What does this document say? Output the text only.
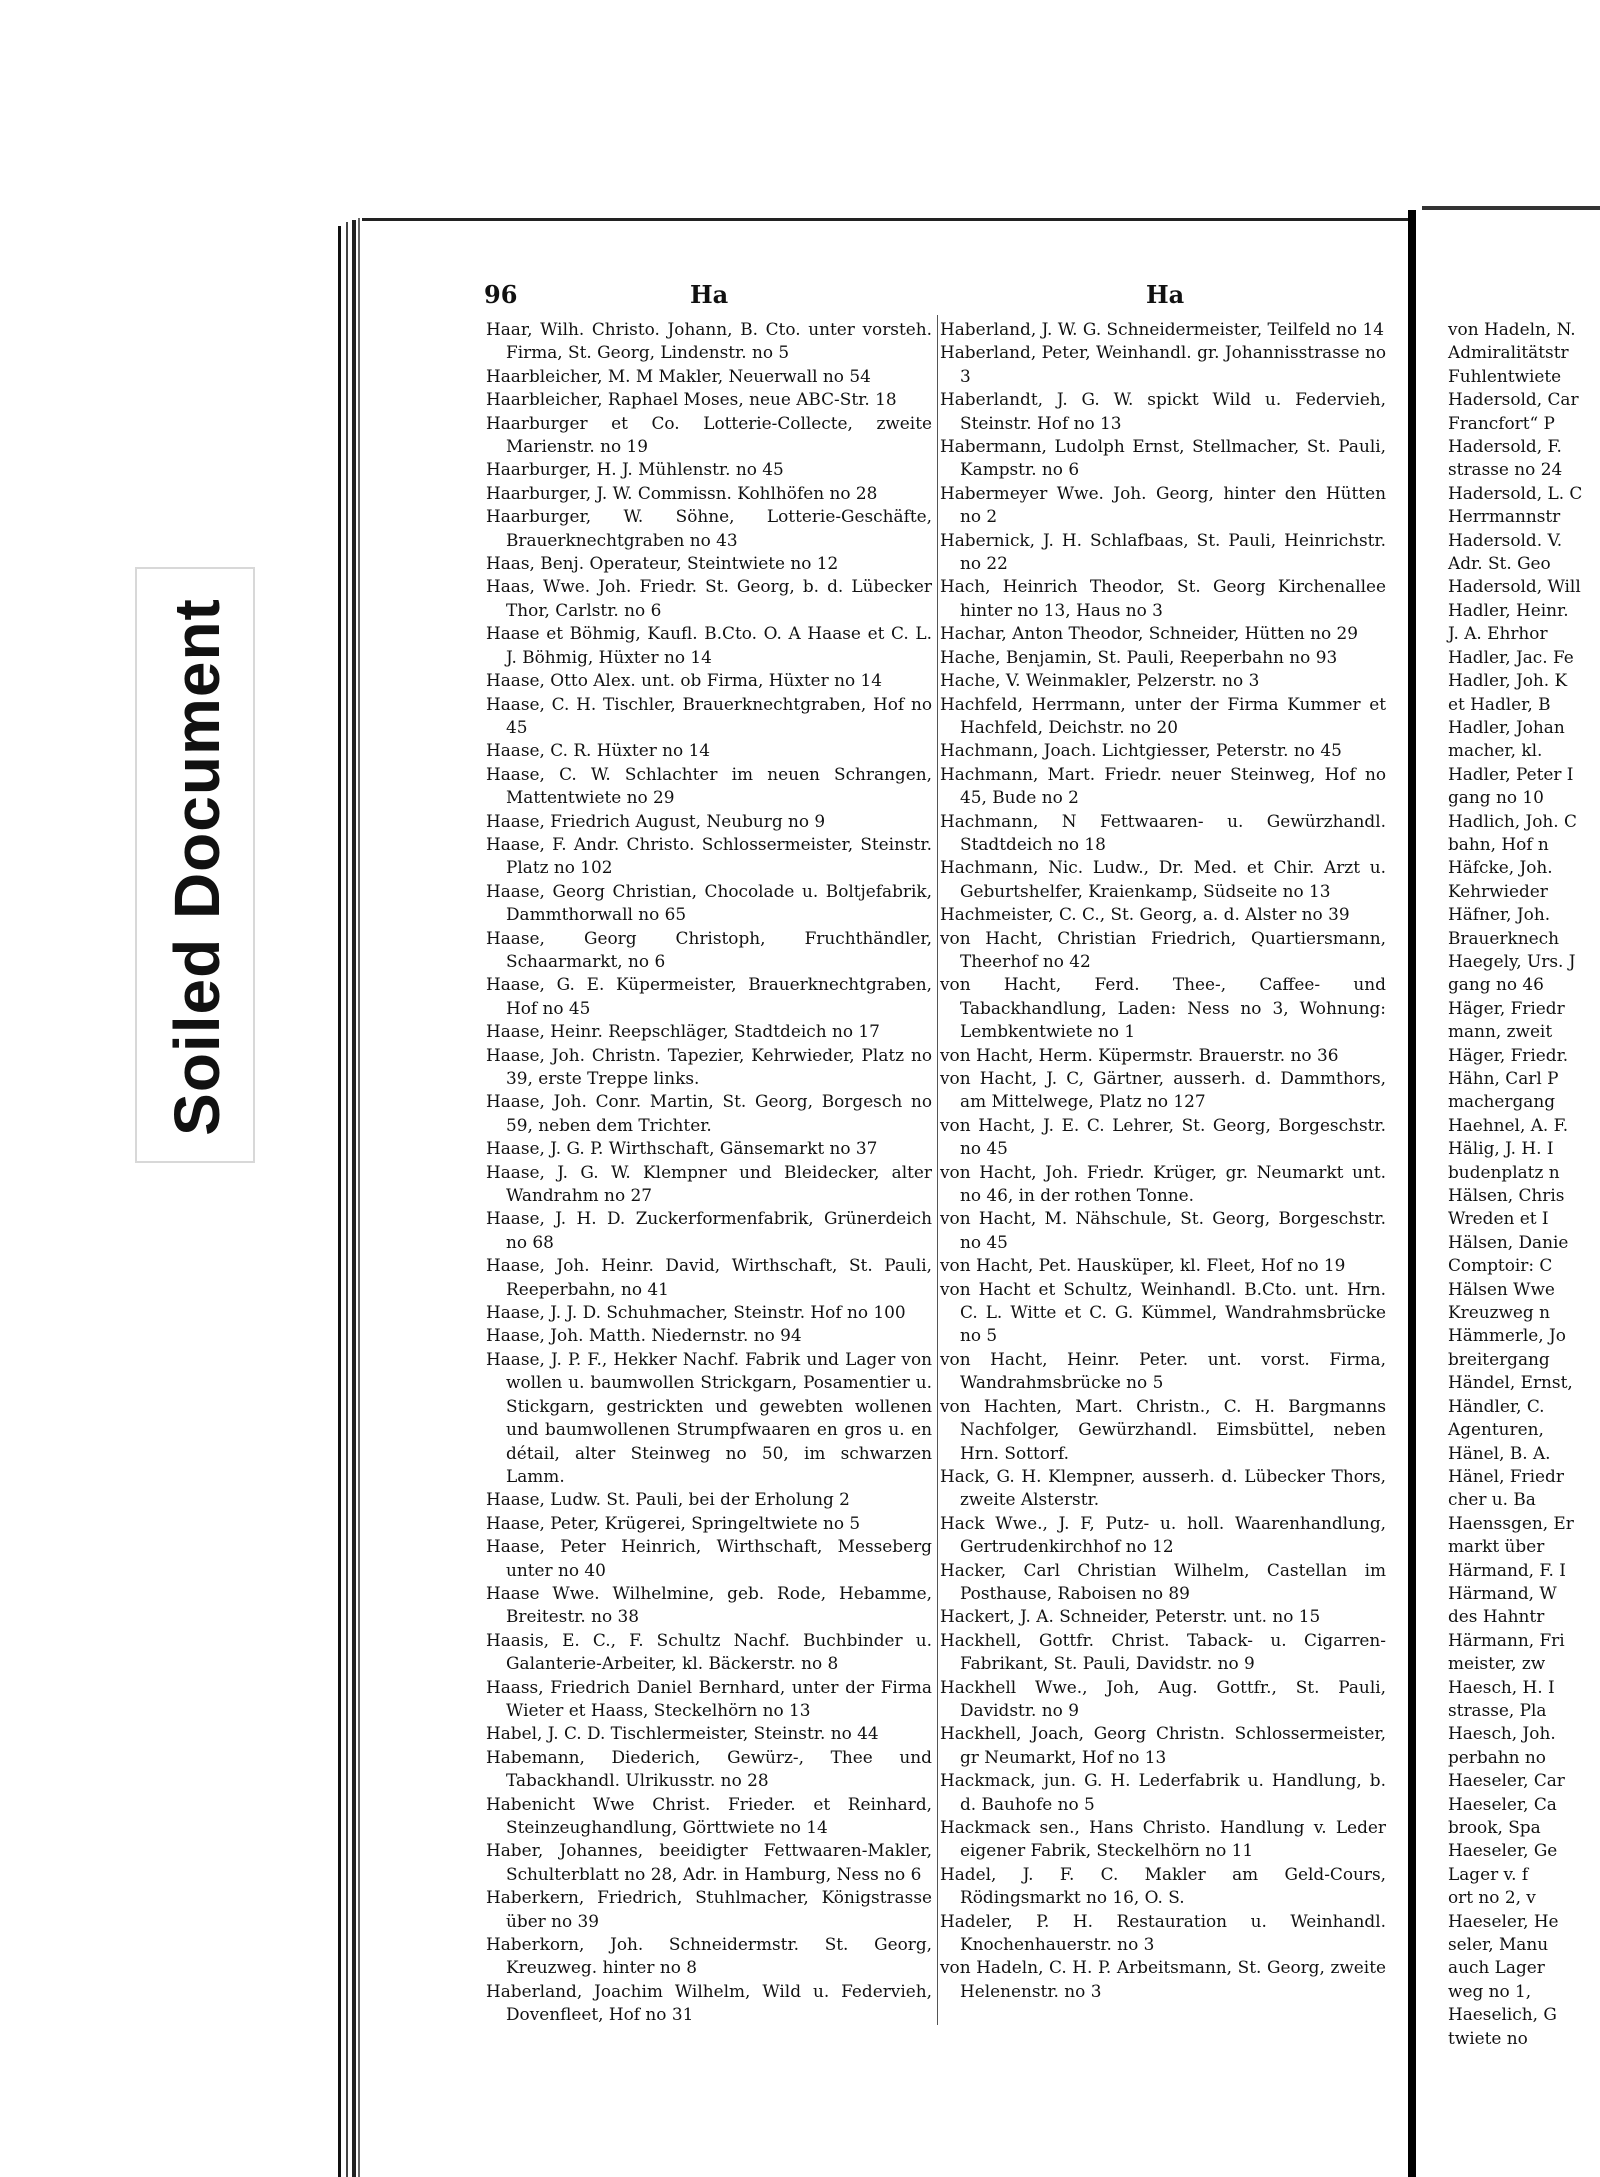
Soiled Document
96	Ha	Ha

Haar, Wilh. Christo. Johann, B. Cto. unter vorsteh. Firma, St. Georg, Lindenstr. no 5

Haarbleicher, M. M Makler, Neuerwall no 54

Haarbleicher, Raphael Moses, neue ABC-Str. 18

Haarburger et Co. Lotterie-Collecte, zweite Marienstr. no 19

Haarburger, H. J. Mühlenstr. no 45

Haarburger, J. W. Commissn. Kohlhöfen no 28

Haarburger, W. Söhne, Lotterie-Geschäfte, Brauerknechtgraben no 43

Haas, Benj. Operateur, Steintwiete no 12

Haas, Wwe. Joh. Friedr. St. Georg, b. d. Lübecker Thor, Carlstr. no 6

Haase et Böhmig, Kaufl. B.Cto. O. A Haase et C. L. J. Böhmig, Hüxter no 14

Haase, Otto Alex. unt. ob Firma, Hüxter no 14

Haase, C. H. Tischler, Brauerknechtgraben, Hof no 45

Haase, C. R. Hüxter no 14

Haase, C. W. Schlachter im neuen Schrangen, Mattentwiete no 29

Haase, Friedrich August, Neuburg no 9

Haase, F. Andr. Christo. Schlossermeister, Steinstr. Platz no 102

Haase, Georg Christian, Chocolade u. Boltjefabrik, Dammthorwall no 65

Haase, Georg Christoph, Fruchthändler, Schaarmarkt, no 6

Haase, G. E. Küpermeister, Brauerknechtgraben, Hof no 45

Haase, Heinr. Reepschläger, Stadtdeich no 17

Haase, Joh. Christn. Tapezier, Kehrwieder, Platz no 39, erste Treppe links.

Haase, Joh. Conr. Martin, St. Georg, Borgesch no 59, neben dem Trichter.

Haase, J. G. P. Wirthschaft, Gänsemarkt no 37

Haase, J. G. W. Klempner und Bleidecker, alter Wandrahm no 27

Haase, J. H. D. Zuckerformenfabrik, Grünerdeich no 68

Haase, Joh. Heinr. David, Wirthschaft, St. Pauli, Reeperbahn, no 41

Haase, J. J. D. Schuhmacher, Steinstr. Hof no 100

Haase, Joh. Matth. Niedernstr. no 94

Haase, J. P. F., Hekker Nachf. Fabrik und Lager von wollen u. baumwollen Strickgarn, Posamentier u. Stickgarn, gestrickten und gewebten wollenen und baumwollenen Strumpfwaaren en gros u. en détail, alter Steinweg no 50, im schwarzen Lamm.

Haase, Ludw. St. Pauli, bei der Erholung 2

Haase, Peter, Krügerei, Springeltwiete no 5

Haase, Peter Heinrich, Wirthschaft, Messeberg unter no 40

Haase Wwe. Wilhelmine, geb. Rode, Hebamme, Breitestr. no 38

Haasis, E. C., F. Schultz Nachf. Buchbinder u. Galanterie-Arbeiter, kl. Bäckerstr. no 8

Haass, Friedrich Daniel Bernhard, unter der Firma Wieter et Haass, Steckelhörn no 13

Habel, J. C. D. Tischlermeister, Steinstr. no 44

Habemann, Diederich, Gewürz-, Thee und Tabackhandl. Ulrikusstr. no 28

Habenicht Wwe Christ. Frieder. et Reinhard, Steinzeughandlung, Görttwiete no 14

Haber, Johannes, beeidigter Fettwaaren-Makler, Schulterblatt no 28, Adr. in Hamburg, Ness no 6

Haberkern, Friedrich, Stuhlmacher, Königstrasse über no 39

Haberkorn, Joh. Schneidermstr. St. Georg, Kreuzweg. hinter no 8

Haberland, Joachim Wilhelm, Wild u. Federvieh, Dovenfleet, Hof no 31

Haberland, J. W. G. Schneidermeister, Teilfeld no 14

Haberland, Peter, Weinhandl. gr. Johannisstrasse no 3

Haberlandt, J. G. W. spickt Wild u. Federvieh, Steinstr. Hof no 13

Habermann, Ludolph Ernst, Stellmacher, St. Pauli, Kampstr. no 6

Habermeyer Wwe. Joh. Georg, hinter den Hütten no 2

Habernick, J. H. Schlafbaas, St. Pauli, Heinrichstr. no 22

Hach, Heinrich Theodor, St. Georg Kirchenallee hinter no 13, Haus no 3

Hachar, Anton Theodor, Schneider, Hütten no 29

Hache, Benjamin, St. Pauli, Reeperbahn no 93

Hache, V. Weinmakler, Pelzerstr. no 3

Hachfeld, Herrmann, unter der Firma Kummer et Hachfeld, Deichstr. no 20

Hachmann, Joach. Lichtgiesser, Peterstr. no 45

Hachmann, Mart. Friedr. neuer Steinweg, Hof no 45, Bude no 2

Hachmann, N Fettwaaren- u. Gewürzhandl. Stadtdeich no 18

Hachmann, Nic. Ludw., Dr. Med. et Chir. Arzt u. Geburtshelfer, Kraienkamp, Südseite no 13

Hachmeister, C. C., St. Georg, a. d. Alster no 39

von Hacht, Christian Friedrich, Quartiersmann, Theerhof no 42

von Hacht, Ferd. Thee-, Caffee- und Tabackhandlung, Laden: Ness no 3, Wohnung: Lembkentwiete no 1

von Hacht, Herm. Küpermstr. Brauerstr. no 36

von Hacht, J. C, Gärtner, ausserh. d. Dammthors, am Mittelwege, Platz no 127

von Hacht, J. E. C. Lehrer, St. Georg, Borgeschstr. no 45

von Hacht, Joh. Friedr. Krüger, gr. Neumarkt unt. no 46, in der rothen Tonne.

von Hacht, M. Nähschule, St. Georg, Borgeschstr. no 45

von Hacht, Pet. Hausküper, kl. Fleet, Hof no 19

von Hacht et Schultz, Weinhandl. B.Cto. unt. Hrn. C. L. Witte et C. G. Kümmel, Wandrahmsbrücke no 5

von Hacht, Heinr. Peter. unt. vorst. Firma, Wandrahmsbrücke no 5

von Hachten, Mart. Christn., C. H. Bargmanns Nachfolger, Gewürzhandl. Eimsbüttel, neben Hrn. Sottorf.

Hack, G. H. Klempner, ausserh. d. Lübecker Thors, zweite Alsterstr.

Hack Wwe., J. F, Putz- u. holl. Waarenhandlung, Gertrudenkirchhof no 12

Hacker, Carl Christian Wilhelm, Castellan im Posthause, Raboisen no 89

Hackert, J. A. Schneider, Peterstr. unt. no 15

Hackhell, Gottfr. Christ. Taback- u. Cigarren-Fabrikant, St. Pauli, Davidstr. no 9

Hackhell Wwe., Joh, Aug. Gottfr., St. Pauli, Davidstr. no 9

Hackhell, Joach, Georg Christn. Schlossermeister, gr Neumarkt, Hof no 13

Hackmack, jun. G. H. Lederfabrik u. Handlung, b. d. Bauhofe no 5

Hackmack sen., Hans Christo. Handlung v. Leder eigener Fabrik, Steckelhörn no 11

Hadel, J. F. C. Makler am Geld-Cours, Rödingsmarkt no 16, O. S.

Hadeler, P. H. Restauration u. Weinhandl. Knochenhauerstr. no 3

von Hadeln, C. H. P. Arbeitsmann, St. Georg, zweite Helenenstr. no 3

von Hadeln, N.

Admiralitätstr

Fuhlentwiete

Hadersold, Car

Francfort“ P

Hadersold, F.

strasse no 24

Hadersold, L. C

Herrmannstr

Hadersold. V.

Adr. St. Geo

Hadersold, Will

Hadler, Heinr.

J. A. Ehrhor

Hadler, Jac. Fe

Hadler, Joh. K

et Hadler, B

Hadler, Johan

macher, kl.

Hadler, Peter I

gang no 10

Hadlich, Joh. C

bahn, Hof n

Häfcke, Joh.

Kehrwieder

Häfner, Joh.

Brauerknech

Haegely, Urs. J

gang no 46

Häger, Friedr

mann, zweit

Häger, Friedr.

Hähn, Carl P

machergang

Haehnel, A. F.

Hälig, J. H. I

budenplatz n

Hälsen, Chris

Wreden et I

Hälsen, Danie

Comptoir: C

Hälsen Wwe

Kreuzweg n

Hämmerle, Jo

breitergang

Händel, Ernst,

Händler, C.

Agenturen,

Hänel, B. A.

Hänel, Friedr

cher u. Ba

Haenssgen, Er

markt über

Härmand, F. I

Härmand, W

des Hahntr

Härmann, Fri

meister, zw

Haesch, H. I

strasse, Pla

Haesch, Joh.

perbahn no

Haeseler, Car

Haeseler, Ca

brook, Spa

Haeseler, Ge

Lager v. f

ort no 2, v

Haeseler, He

seler, Manu

auch Lager

weg no 1,

Haeselich, G

twiete no
